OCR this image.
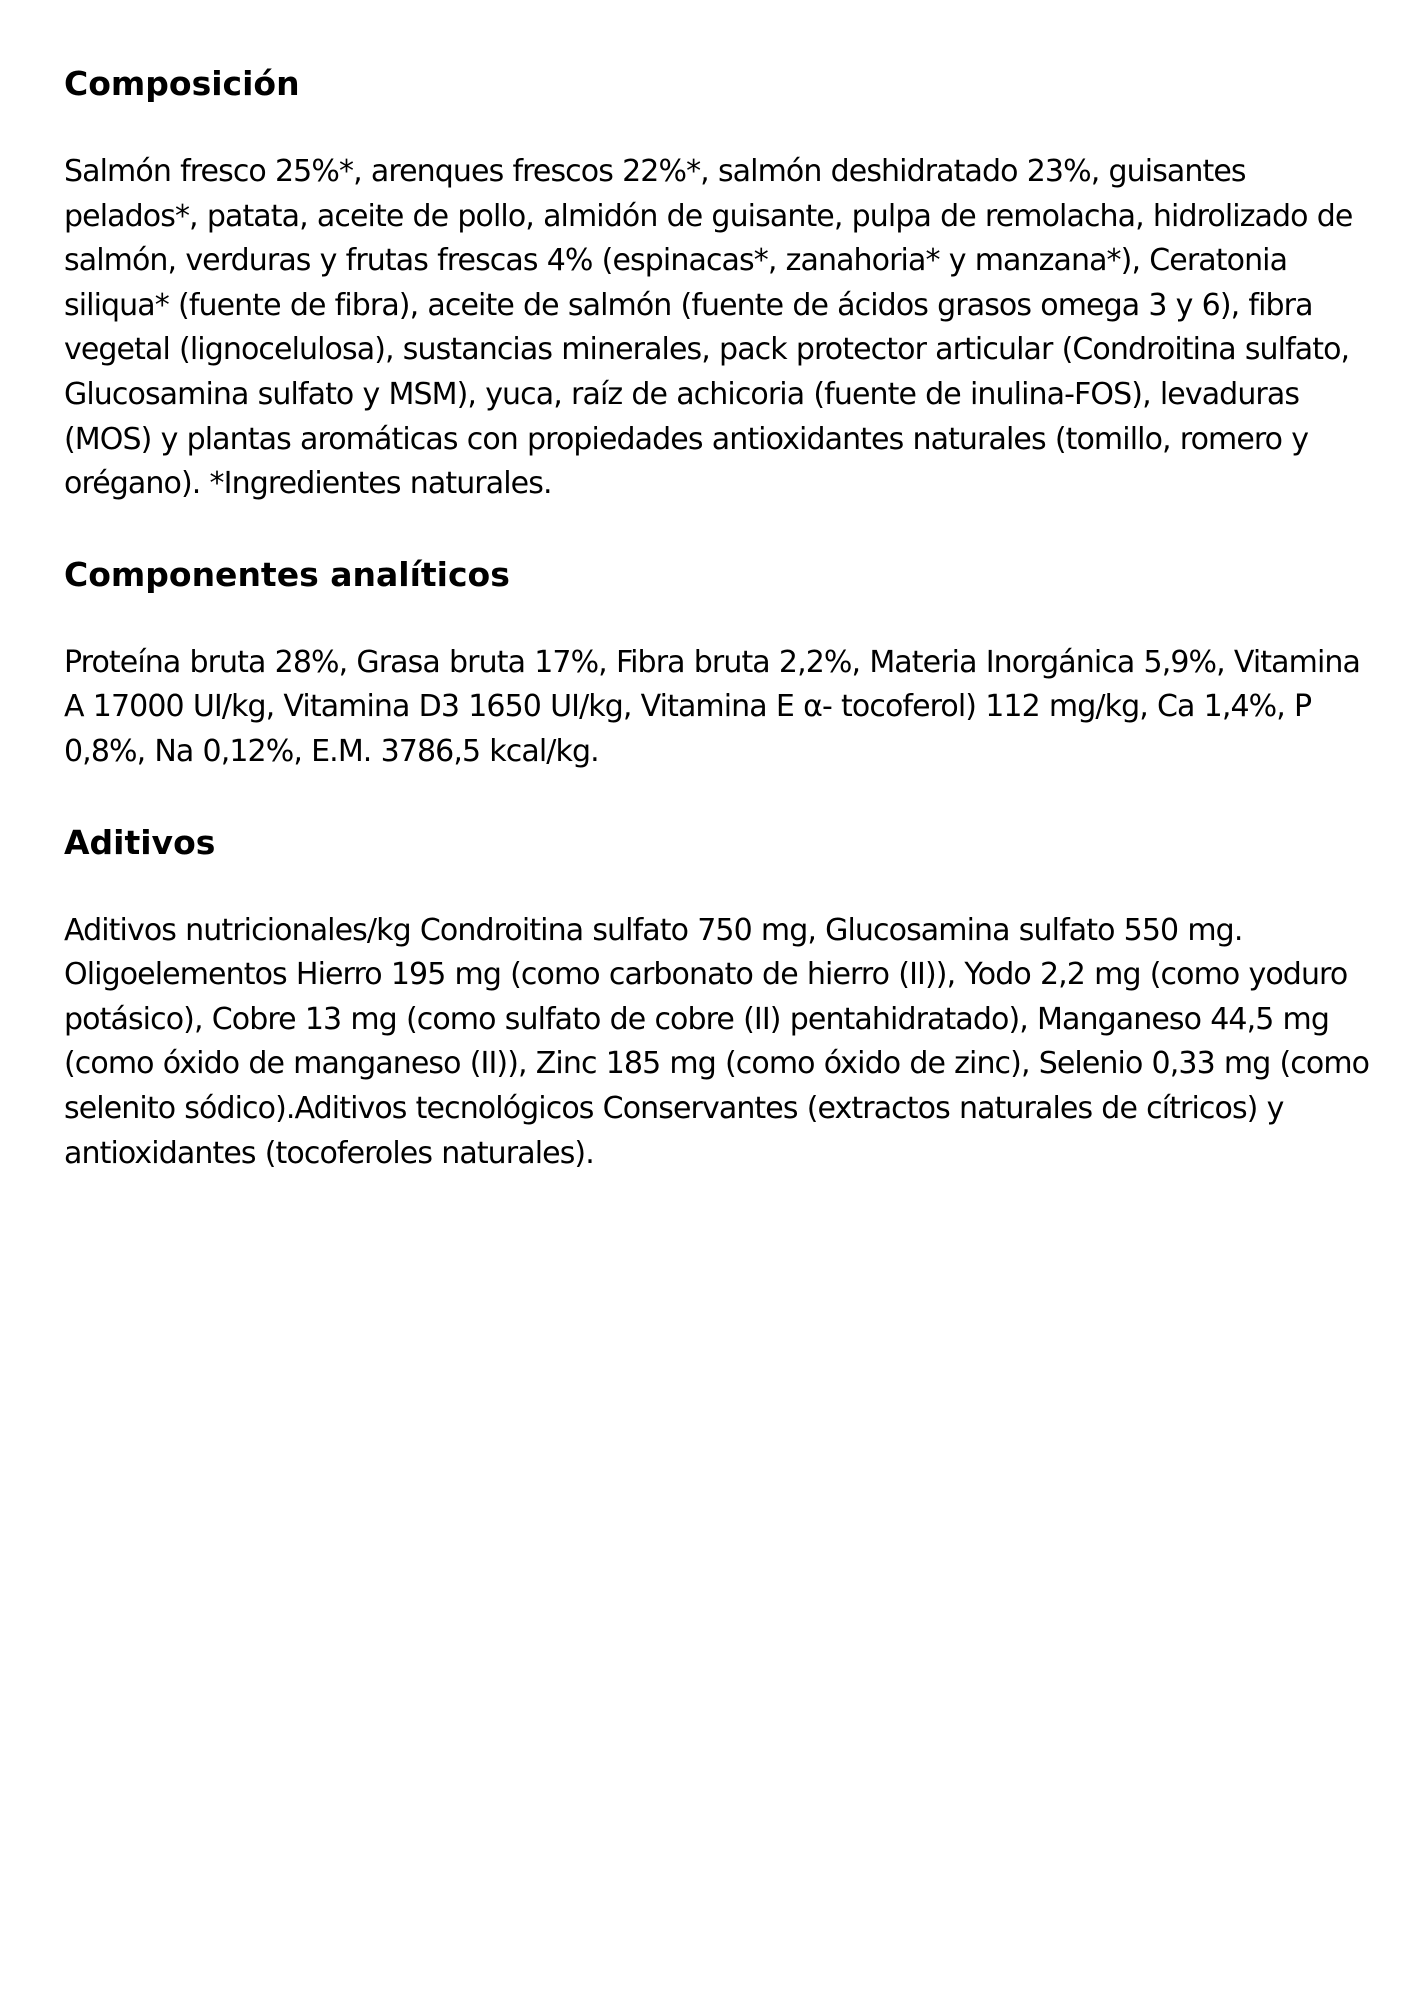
Composición

Salmón fresco 25%*, arenques frescos 22%*, salmón deshidratado 23%, guisantes pelados*, patata, aceite de pollo, almidón de guisante, pulpa de remolacha, hidrolizado de salmón, verduras y frutas frescas 4% (espinacas*, zanahoria* y manzana*), Ceratonia siliqua* (fuente de fibra), aceite de salmón (fuente de ácidos grasos omega 3 y 6), fibra vegetal (lignocelulosa), sustancias minerales, pack protector articular (Condroitina sulfato, Glucosamina sulfato y MSM), yuca, raíz de achicoria (fuente de inulina-FOS), levaduras (MOS) y plantas aromáticas con propiedades antioxidantes naturales (tomillo, romero y orégano). *Ingredientes naturales.

Componentes analíticos

Proteína bruta 28%, Grasa bruta 17%, Fibra bruta 2,2%, Materia Inorgánica 5,9%, Vitamina A 17000 UI/kg, Vitamina D3 1650 UI/kg, Vitamina E α- tocoferol) 112 mg/kg, Ca 1,4%, P 0,8%, Na 0,12%, E.M. 3786,5 kcal/kg.

Aditivos

Aditivos nutricionales/kg Condroitina sulfato 750 mg, Glucosamina sulfato 550 mg. Oligoelementos Hierro 195 mg (como carbonato de hierro (II)), Yodo 2,2 mg (como yoduro potásico), Cobre 13 mg (como sulfato de cobre (II) pentahidratado), Manganeso 44,5 mg (como óxido de manganeso (II)), Zinc 185 mg (como óxido de zinc), Selenio 0,33 mg (como selenito sódico).Aditivos tecnológicos Conservantes (extractos naturales de cítricos) y antioxidantes (tocoferoles naturales).
